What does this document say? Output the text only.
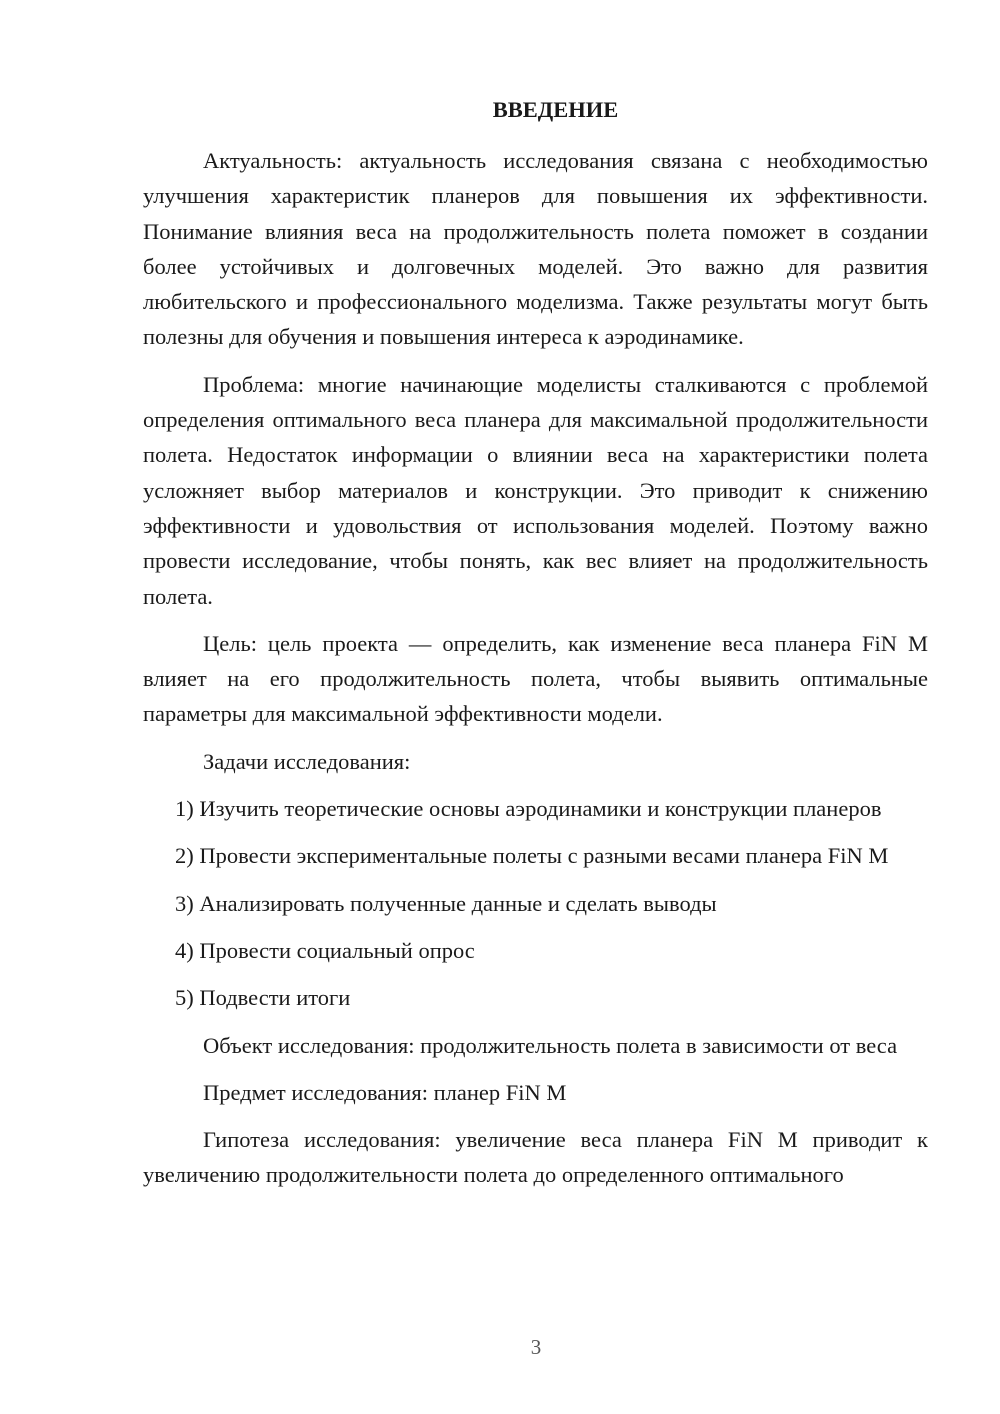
ВВЕДЕНИЕ

Актуальность: актуальность исследования связана с необходимостью улучшения характеристик планеров для повышения их эффективности. Понимание влияния веса на продолжительность полета поможет в создании более устойчивых и долговечных моделей. Это важно для развития любительского и профессионального моделизма. Также результаты могут быть полезны для обучения и повышения интереса к аэродинамике.

Проблема: многие начинающие моделисты сталкиваются с проблемой определения оптимального веса планера для максимальной продолжительности полета. Недостаток информации о влиянии веса на характеристики полета усложняет выбор материалов и конструкции. Это приводит к снижению эффективности и удовольствия от использования моделей. Поэтому важно провести исследование, чтобы понять, как вес влияет на продолжительность полета.

Цель: цель проекта — определить, как изменение веса планера FiN M влияет на его продолжительность полета, чтобы выявить оптимальные параметры для максимальной эффективности модели.

Задачи исследования:

1) Изучить теоретические основы аэродинамики и конструкции планеров

2) Провести экспериментальные полеты с разными весами планера FiN M

3) Анализировать полученные данные и сделать выводы

4) Провести социальный опрос

5) Подвести итоги

Объект исследования: продолжительность полета в зависимости от веса

Предмет исследования: планер FiN M

Гипотеза исследования: увеличение веса планера FiN M приводит к увеличению продолжительности полета до определенного оптимального

3
